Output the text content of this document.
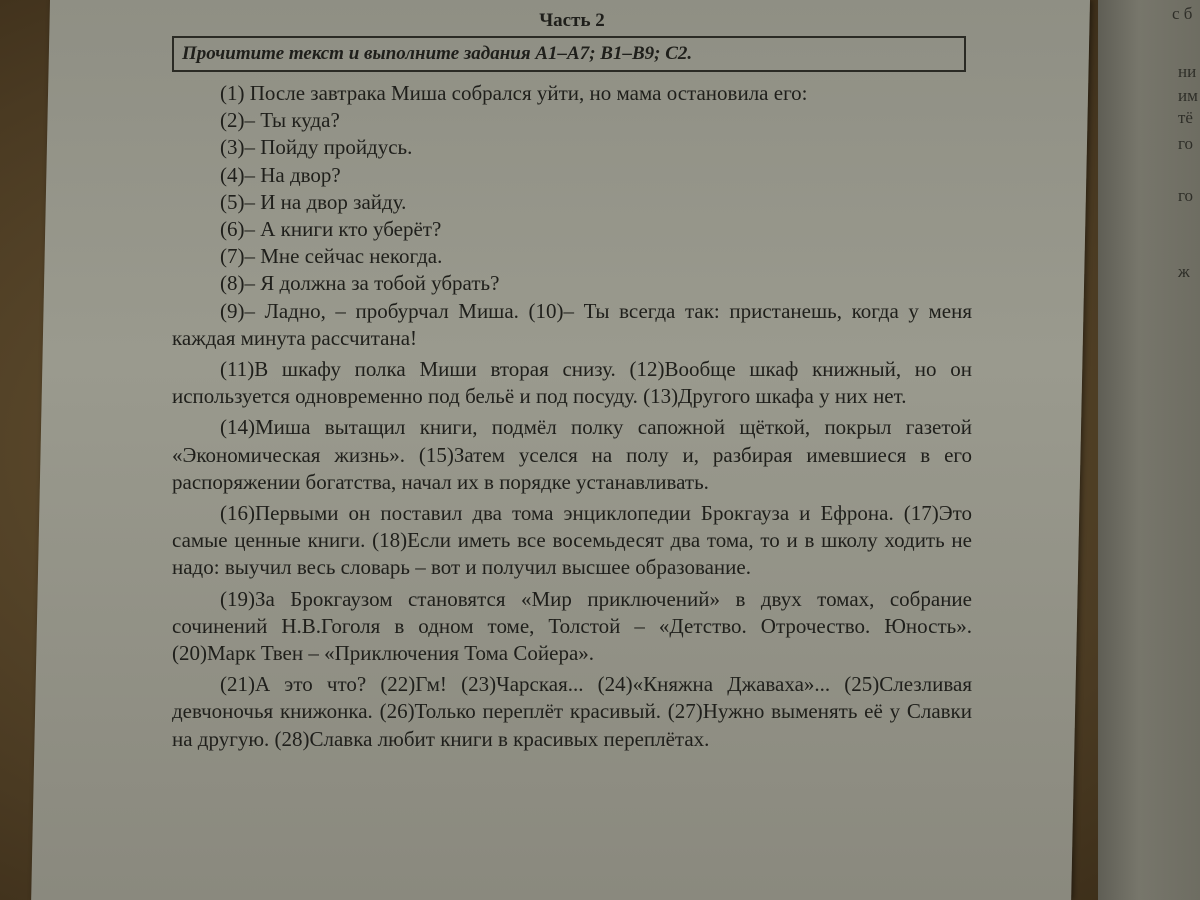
с б
ни
им
тё
го
го
ж
Часть 2
Прочитите текст и выполните задания А1–А7; В1–В9; С2.
(1) После завтрака Миша собрался уйти, но мама остановила его:
(2)– Ты куда?
(3)– Пойду пройдусь.
(4)– На двор?
(5)– И на двор зайду.
(6)– А книги кто уберёт?
(7)– Мне сейчас некогда.
(8)– Я должна за тобой убрать?

(9)– Ладно, – пробурчал Миша. (10)– Ты всегда так: пристанешь, когда у меня каждая минута рассчитана!

(11)В шкафу полка Миши вторая снизу. (12)Вообще шкаф книжный, но он используется одновременно под бельё и под посуду. (13)Другого шкафа у них нет.

(14)Миша вытащил книги, подмёл полку сапожной щёткой, покрыл газетой «Экономическая жизнь». (15)Затем уселся на полу и, разбирая имевшиеся в его распоряжении богатства, начал их в порядке устанавливать.

(16)Первыми он поставил два тома энциклопедии Брокгауза и Ефрона. (17)Это самые ценные книги. (18)Если иметь все восемьдесят два тома, то и в школу ходить не надо: выучил весь словарь – вот и получил высшее образование.

(19)За Брокгаузом становятся «Мир приключений» в двух томах, собрание сочинений Н.В.Гоголя в одном томе, Толстой – «Детство. Отрочество. Юность». (20)Марк Твен – «Приключения Тома Сойера».

(21)А это что? (22)Гм! (23)Чарская... (24)«Княжна Джаваха»... (25)Слезливая девчоночья книжонка. (26)Только переплёт красивый. (27)Нужно выменять её у Славки на другую. (28)Славка любит книги в красивых переплётах.
